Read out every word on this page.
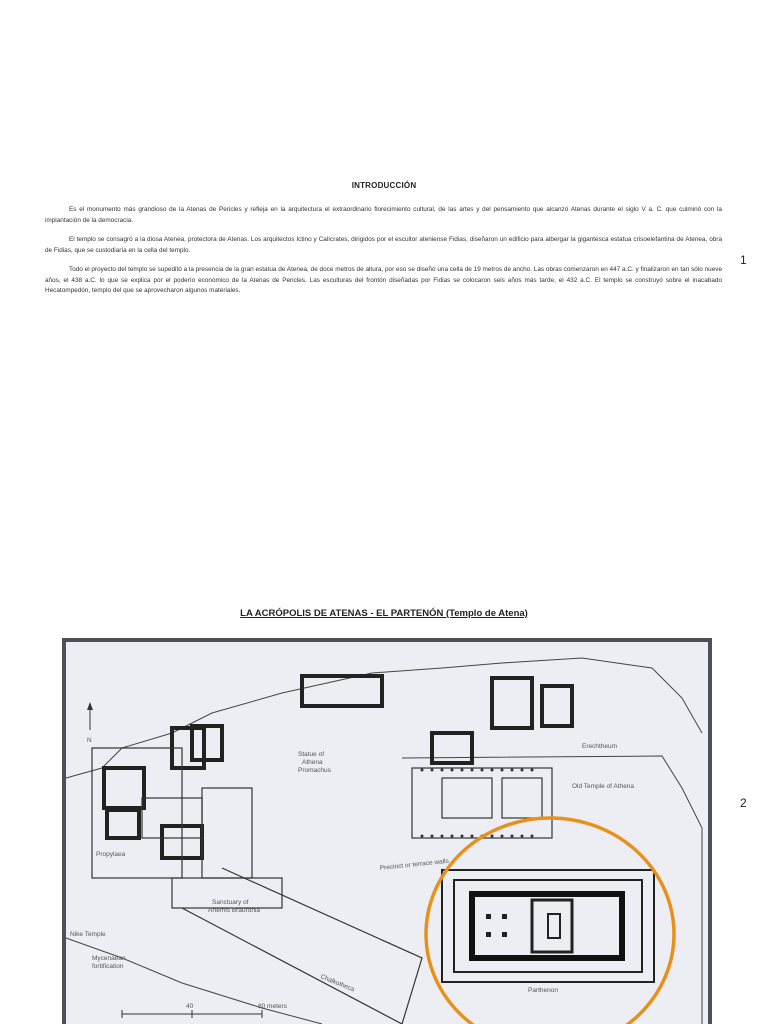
INTRODUCCIÓN

Es el monumento más grandioso de la Atenas de Pericles y refleja en la arquitectura el extraordinario florecimiento cultural, de las artes y del pensamiento que alcanzó Atenas durante el siglo V a. C. que culminó con la implantación de la democracia.

El templo se consagró a la diosa Atenea, protectora de Atenas. Los arquitectos Ictino y Calícrates, dirigidos por el escultor ateniense Fidias, diseñaron un edificio para albergar la gigantesca estatua crisoelefantina de Atenea, obra de Fidias, que se custodiaría en la cella del templo.

Todo el proyecto del templo se supeditó a la presencia de la gran estatua de Atenea, de doce metros de altura, por eso se diseñó una cella de 19 metros de ancho. Las obras comenzaron en 447 a.C. y finalizaron en tan sólo nueve años, el 438 a.C. lo que se explica por el poderío económico de la Atenas de Pericles. Las esculturas del frontón diseñadas por Fidias se colocaron seis años más tarde, el 432 a.C. El templo se construyó sobre el inacabado Hecatompedón, templo del que se aprovecharon algunos materiales.

1
LA ACRÓPOLIS DE ATENAS - EL PARTENÓN (Templo de Atena)
2
N
Statue of
Athena
Promachus
Erechtheum
Old Temple of Athena
Propylaea
Precinct or terrace walls
Sanctuary of
Artemis Brauronia
Nike Temple
Mycenaean
fortification
Chalkotheca	Parthenon
40	80 meters
